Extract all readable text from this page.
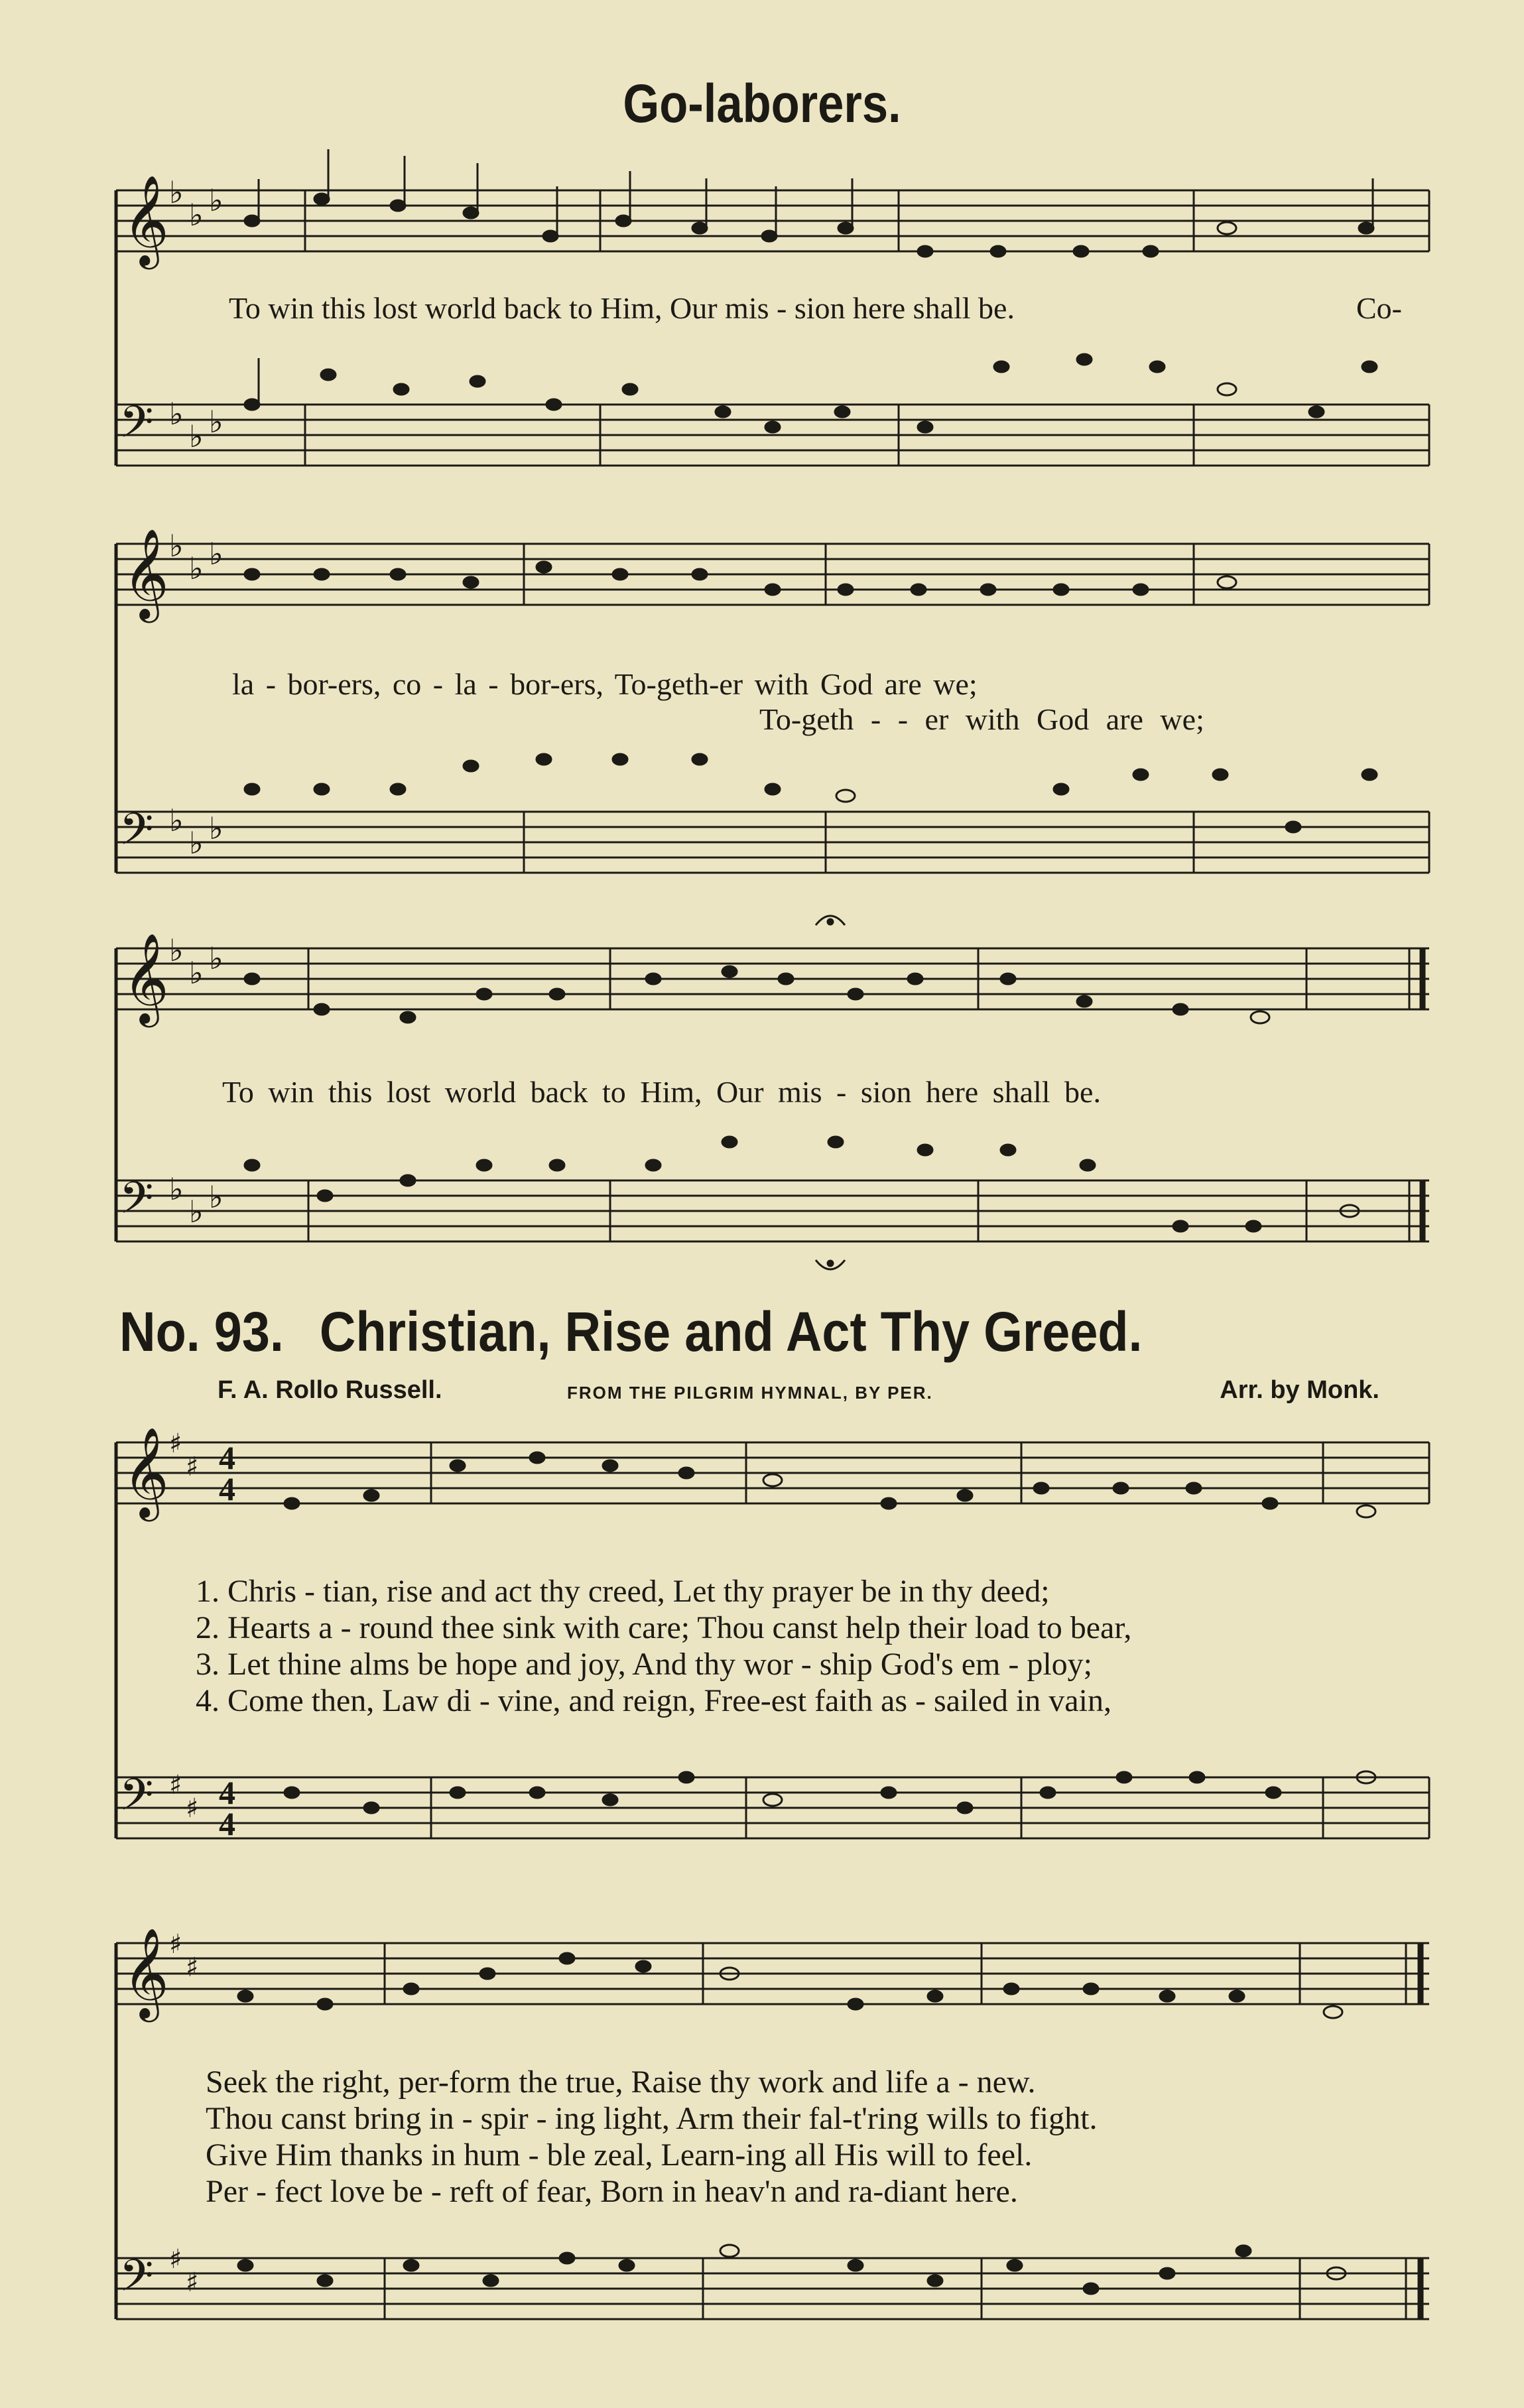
Go-laborers.
𝄞
𝄞
𝄞
𝄞
𝄞
𝄢
𝄢
𝄢
𝄢
𝄢
♭
♭ ♭
♭
♭ ♭
♭
♭ ♭
♭
♭ ♭
♭
♭ ♭
♭
♭ ♭
♯
♯
♯
♯
♯
♯
♯
♯
4
4
4
4
To win this lost world back to Him, Our mis - sion here shall be.	Co-
la - bor-ers, co - la - bor-ers, To-geth-er with God are we;
To-geth - - er with God are we;
To win this lost world back to Him, Our mis - sion here shall be.
No. 93. Christian, Rise and Act Thy Greed.
F. A. Rollo Russell.	FROM THE PILGRIM HYMNAL, BY PER.	Arr. by Monk.
1. Chris - tian, rise and act thy creed, Let thy prayer be in thy deed;
2. Hearts a - round thee sink with care; Thou canst help their load to bear,
3. Let thine alms be hope and joy, And thy wor - ship God's em - ploy;
4. Come then, Law di - vine, and reign, Free-est faith as - sailed in vain,
Seek the right, per-form the true, Raise thy work and life a - new.
Thou canst bring in - spir - ing light, Arm their fal-t'ring wills to fight.
Give Him thanks in hum - ble zeal, Learn-ing all His will to feel.
Per - fect love be - reft of fear, Born in heav'n and ra-diant here.
